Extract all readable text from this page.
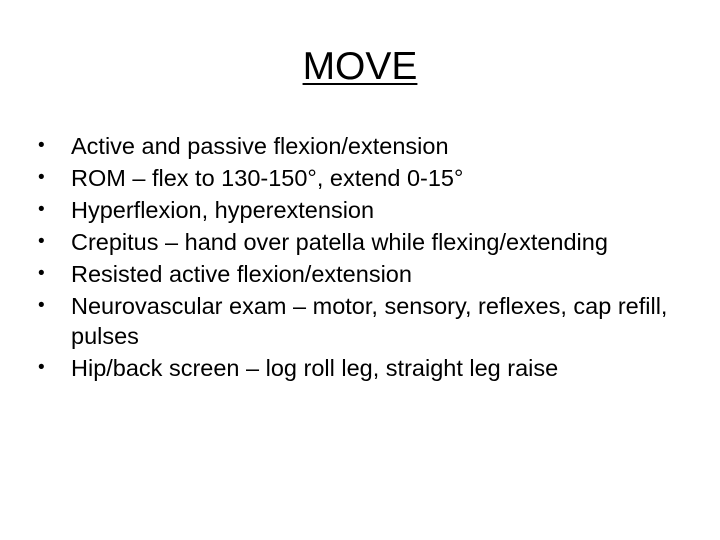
MOVE
• Active and passive flexion/extension
• ROM – flex to 130-150°, extend 0-15°
• Hyperflexion, hyperextension
• Crepitus – hand over patella while flexing/extending
• Resisted active flexion/extension
• Neurovascular exam – motor, sensory, reflexes, cap refill, pulses
• Hip/back screen – log roll leg, straight leg raise
